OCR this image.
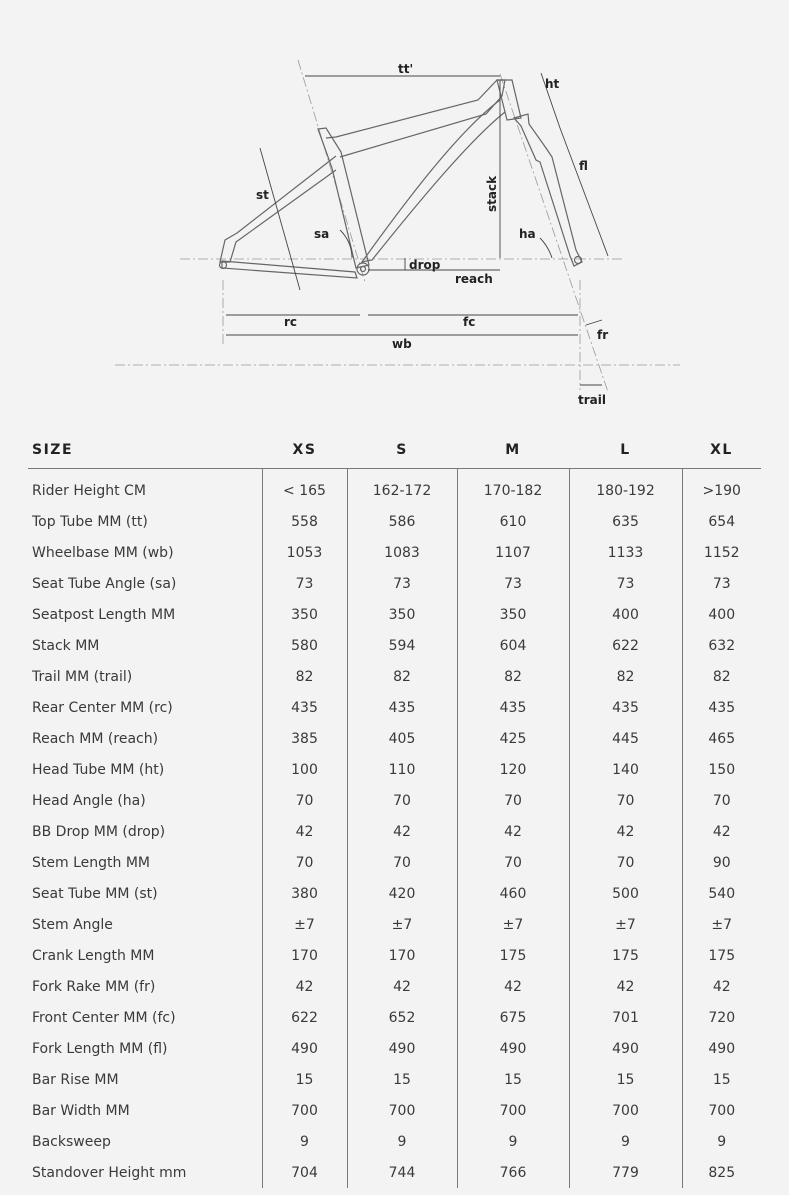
tt'
ht
st	stack
fl
sa	ha
drop
reach
rc	fc
wb
fr
trail
SIZE	XS	S	M	L	XL
Rider Height CM	< 165	162-172	170-182	180-192	>190
Top Tube MM (tt)	558	586	610	635	654
Wheelbase MM (wb)	1053	1083	1107	1133	1152
Seat Tube Angle (sa)	73	73	73	73	73
Seatpost Length MM	350	350	350	400	400
Stack MM	580	594	604	622	632
Trail MM (trail)	82	82	82	82	82
Rear Center MM (rc)	435	435	435	435	435
Reach MM (reach)	385	405	425	445	465
Head Tube MM (ht)	100	110	120	140	150
Head Angle (ha)	70	70	70	70	70
BB Drop MM (drop)	42	42	42	42	42
Stem Length MM	70	70	70	70	90
Seat Tube MM (st)	380	420	460	500	540
Stem Angle	±7	±7	±7	±7	±7
Crank Length MM	170	170	175	175	175
Fork Rake MM (fr)	42	42	42	42	42
Front Center MM (fc)	622	652	675	701	720
Fork Length MM (fl)	490	490	490	490	490
Bar Rise MM	15	15	15	15	15
Bar Width MM	700	700	700	700	700
Backsweep	9	9	9	9	9
Standover Height mm	704	744	766	779	825
